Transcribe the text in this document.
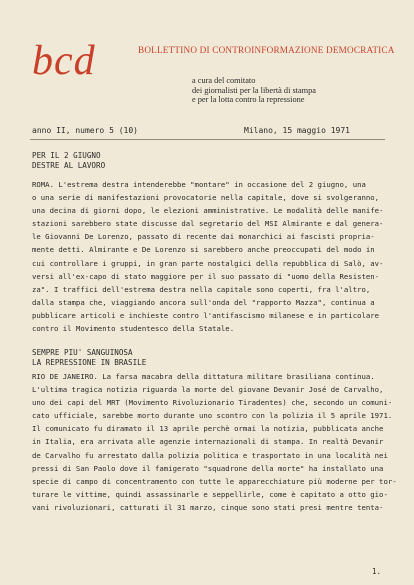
bcd	BOLLETTINO DI CONTROINFORMAZIONE DEMOCRATICA
a cura del comitato
dei giornalisti per la libertà di stampa
e per la lotta contro la repressione
anno II, numero 5 (10)	Milano, 15 maggio 1971
PER IL 2 GIUGNO
DESTRE AL LAVORO
ROMA. L'estrema destra intenderebbe "montare" in occasione del 2 giugno, una
o una serie di manifestazioni provocatorie nella capitale, dove si svolgeranno,
una decina di giorni dopo, le elezioni amministrative. Le modalità delle manife-
stazioni sarebbero state discusse dal segretario del MSI Almirante e dal genera-
le Giovanni De Lorenzo, passato di recente dai monarchici ai fascisti propria-
mente detti. Almirante e De Lorenzo si sarebbero anche preoccupati del modo in
cui controllare i gruppi, in gran parte nostalgici della repubblica di Salò, av-
versi all'ex-capo di stato maggiore per il suo passato di "uomo della Resisten-
za". I traffici dell'estrema destra nella capitale sono coperti, fra l'altro,
dalla stampa che, viaggiando ancora sull'onda del "rapporto Mazza", continua a
pubblicare articoli e inchieste contro l'antifascismo milanese e in particolare
contro il Movimento studentesco della Statale.
SEMPRE PIU' SANGUINOSA
LA REPRESSIONE IN BRASILE
RIO DE JANEIRO. La farsa macabra della dittatura militare brasiliana continua.
L'ultima tragica notizia riguarda la morte del giovane Devanir José de Carvalho,
uno dei capi del MRT (Movimento Rivoluzionario Tiradentes) che, secondo un comuni-
cato ufficiale, sarebbe morto durante uno scontro con la polizia il 5 aprile 1971.
Il comunicato fu diramato il 13 aprile perchè ormai la notizia, pubblicata anche
in Italia, era arrivata alle agenzie internazionali di stampa. In realtà Devanir
de Carvalho fu arrestato dalla polizia politica e trasportato in una località nei
pressi di San Paolo dove il famigerato "squadrone della morte" ha installato una
specie di campo di concentramento con tutte le apparecchiature più moderne per tor-
turare le vittime, quindi assassinarle e seppellirle, come è capitato a otto gio-
vani rivoluzionari, catturati il 31 marzo, cinque sono stati presi mentre tenta-
1.
